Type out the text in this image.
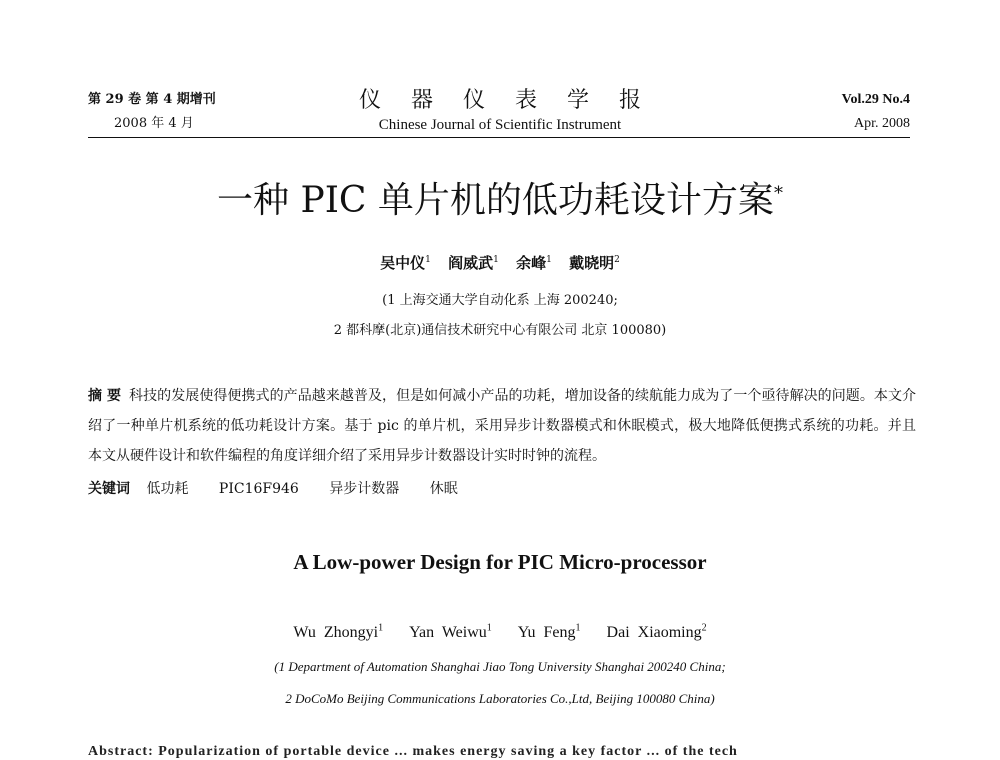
第 29 卷 第 4 期增刊
2008 年 4 月
仪器仪表学报
Chinese Journal of Scientific Instrument
Vol.29 No.4
Apr. 2008
一种 PIC 单片机的低功耗设计方案*
吴中仪$^1$ 阎威武$^1$ 余峰$^1$ 戴晓明$^2$
(1 上海交通大学自动化系 上海 200240;
2 都科摩(北京)通信技术研究中心有限公司 北京 100080)
摘 要 科技的发展使得便携式的产品越来越普及，但是如何减小产品的功耗，增加设备的续航能力成为了一个亟待解决的问题。本文介绍了一种单片机系统的低功耗设计方案。基于 pic 的单片机，采用异步计数器模式和休眠模式，极大地降低便携式系统的功耗。并且本文从硬件设计和软件编程的角度详细介绍了采用异步计数器设计实时时钟的流程。
关键词 低功耗 PIC16F946 异步计数器 休眠
A Low-power Design for PIC Micro-processor
Wu Zhongyi$^1$ Yan Weiwu$^1$ Yu Feng$^1$ Dai Xiaoming$^2$
(1 Department of Automation Shanghai Jiao Tong University Shanghai 200240 China;
2 DoCoMo Beijing Communications Laboratories Co.,Ltd, Beijing 100080 China)
Abstract: Popularization of portable device ... makes energy saving a key factor ... of the tech
